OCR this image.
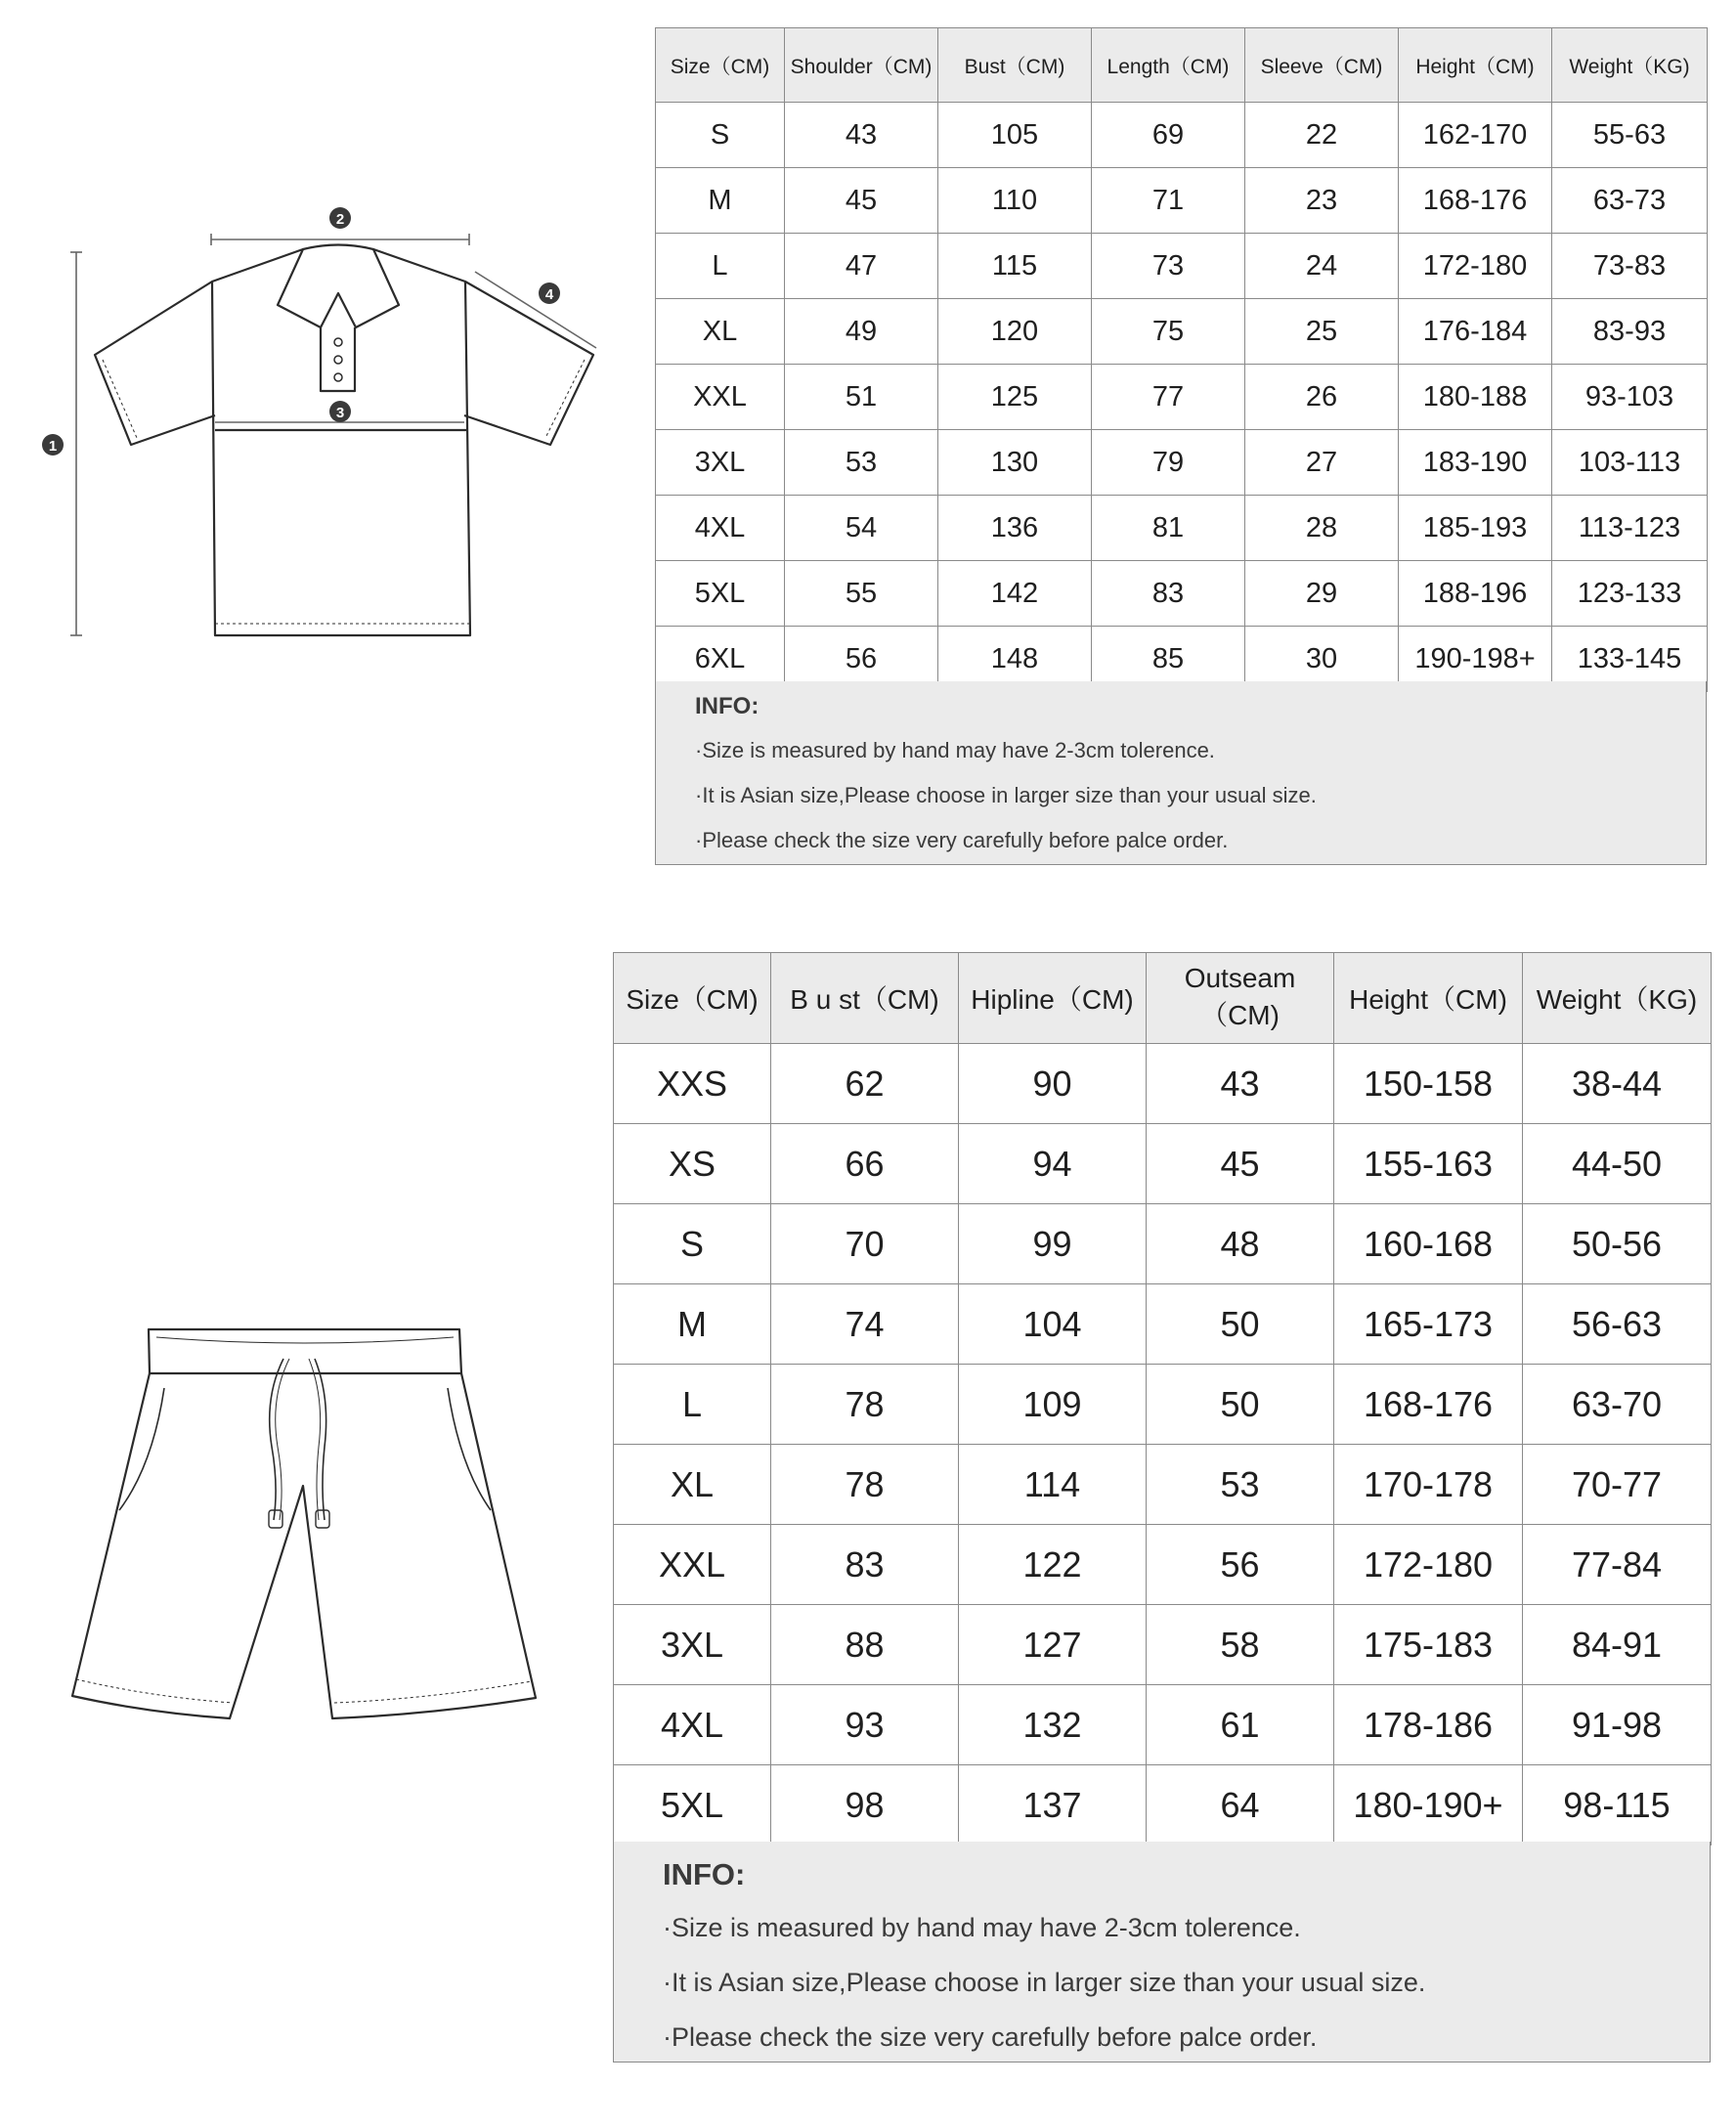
1
2
3
4
Size（CM)	Shoulder（CM)	Bust（CM)	Length（CM)	Sleeve（CM)	Height（CM)	Weight（KG)
S	43	105	69	22	162-170	55-63
M	45	110	71	23	168-176	63-73
L	47	115	73	24	172-180	73-83
XL	49	120	75	25	176-184	83-93
XXL	51	125	77	26	180-188	93-103
3XL	53	130	79	27	183-190	103-113
4XL	54	136	81	28	185-193	113-123
5XL	55	142	83	29	188-196	123-133
6XL	56	148	85	30	190-198+	133-145
INFO:
·Size is measured by hand may have 2-3cm tolerence.
·It is Asian size,Please choose in larger size than your usual size.
·Please check the size very carefully before palce order.
Size（CM)	B u st（CM)	Hipline（CM)	Outseam（CM)	Height（CM)	Weight（KG)
XXS	62	90	43	150-158	38-44
XS	66	94	45	155-163	44-50
S	70	99	48	160-168	50-56
M	74	104	50	165-173	56-63
L	78	109	50	168-176	63-70
XL	78	114	53	170-178	70-77
XXL	83	122	56	172-180	77-84
3XL	88	127	58	175-183	84-91
4XL	93	132	61	178-186	91-98
5XL	98	137	64	180-190+	98-115
INFO:
·Size is measured by hand may have 2-3cm tolerence.
·It is Asian size,Please choose in larger size than your usual size.
·Please check the size very carefully before palce order.
